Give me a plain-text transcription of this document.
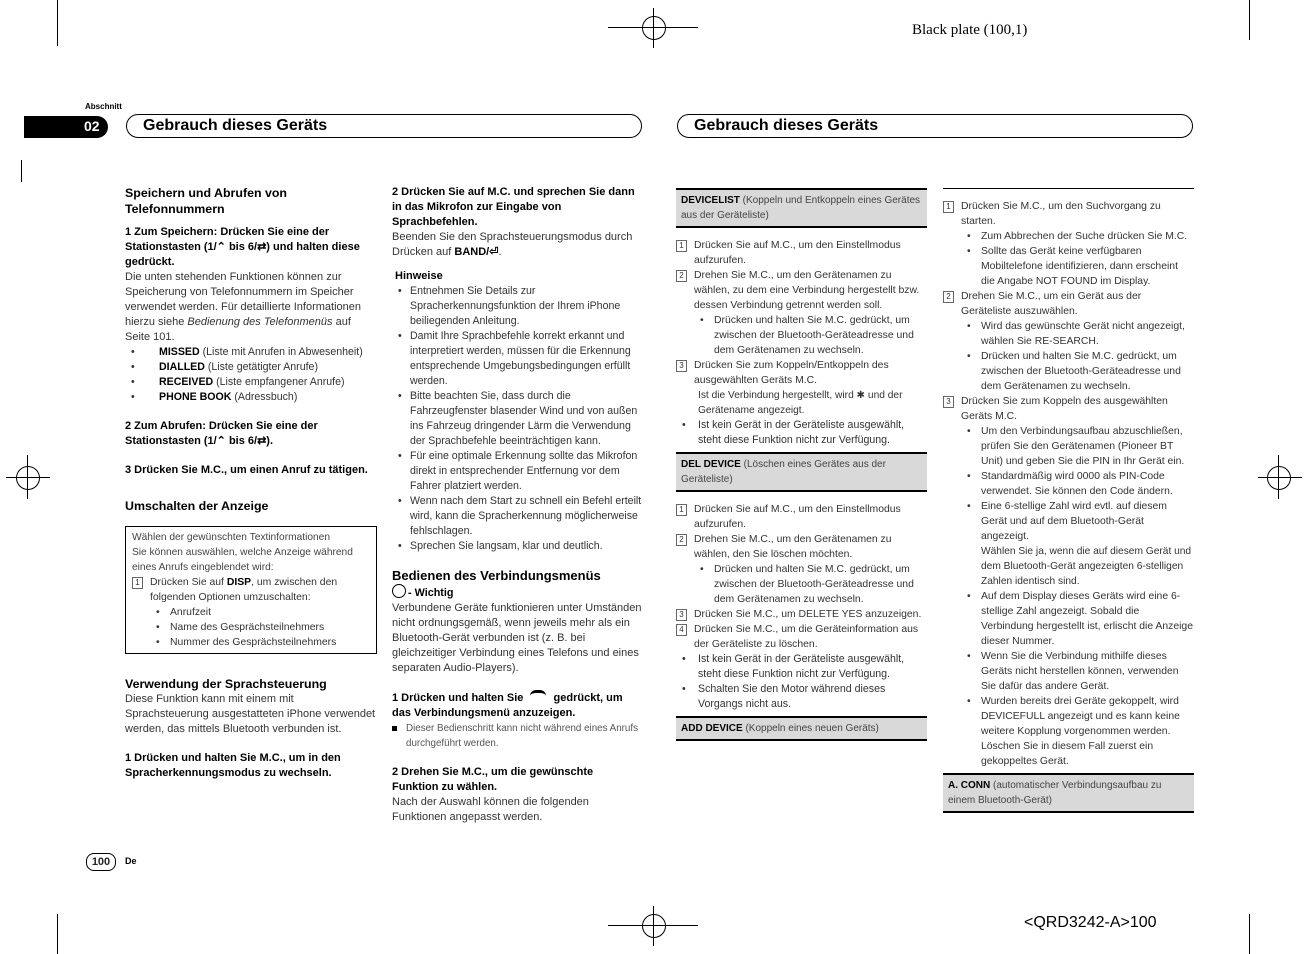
Black plate (100,1)
Abschnitt
02	Gebrauch dieses Geräts	Gebrauch dieses Geräts

Speichern und Abrufen von Telefonnummern

1 Zum Speichern: Drücken Sie eine der Stationstasten (1/⌃ bis 6/⇄) und halten diese gedrückt.

Die unten stehenden Funktionen können zur Speicherung von Telefonnummern im Speicher verwendet werden. Für detaillierte Informationen hierzu siehe Bedienung des Telefonmenüs auf Seite 101.

• MISSED (Liste mit Anrufen in Abwesenheit)

• DIALLED (Liste getätigter Anrufe)

• RECEIVED (Liste empfangener Anrufe)

• PHONE BOOK (Adressbuch)

2 Zum Abrufen: Drücken Sie eine der Stationstasten (1/⌃ bis 6/⇄).

3 Drücken Sie M.C., um einen Anruf zu tätigen.

Umschalten der Anzeige

Wählen der gewünschten Textinformationen

Sie können auswählen, welche Anzeige während eines Anrufs eingeblendet wird:

1 Drücken Sie auf DISP, um zwischen den folgenden Optionen umzuschalten:

• Anrufzeit

• Name des Gesprächsteilnehmers

• Nummer des Gesprächsteilnehmers

Verwendung der Sprachsteuerung

Diese Funktion kann mit einem mit Sprachsteuerung ausgestatteten iPhone verwendet werden, das mittels Bluetooth verbunden ist.

1 Drücken und halten Sie M.C., um in den Spracherkennungsmodus zu wechseln.

2 Drücken Sie auf M.C. und sprechen Sie dann in das Mikrofon zur Eingabe von Sprachbefehlen.

Beenden Sie den Sprachsteuerungsmodus durch Drücken auf BAND/⏎.

Hinweise

• Entnehmen Sie Details zur Spracherkennungsfunktion der Ihrem iPhone beiliegenden Anleitung.

• Damit Ihre Sprachbefehle korrekt erkannt und interpretiert werden, müssen für die Erkennung entsprechende Umgebungsbedingungen erfüllt werden.

• Bitte beachten Sie, dass durch die Fahrzeugfenster blasender Wind und von außen ins Fahrzeug dringender Lärm die Verwendung der Sprachbefehle beeinträchtigen kann.

• Für eine optimale Erkennung sollte das Mikrofon direkt in entsprechender Entfernung vor dem Fahrer platziert werden.

• Wenn nach dem Start zu schnell ein Befehl erteilt wird, kann die Spracherkennung möglicherweise fehlschlagen.

• Sprechen Sie langsam, klar und deutlich.

Bedienen des Verbindungsmenüs

- Wichtig

Verbundene Geräte funktionieren unter Umständen nicht ordnungsgemäß, wenn jeweils mehr als ein Bluetooth-Gerät verbunden ist (z. B. bei gleichzeitiger Verbindung eines Telefons und eines separaten Audio-Players).

1 Drücken und halten Sie  gedrückt, um das Verbindungsmenü anzuzeigen.

Dieser Bedienschritt kann nicht während eines Anrufs durchgeführt werden.

2 Drehen Sie M.C., um die gewünschte Funktion zu wählen.

Nach der Auswahl können die folgenden Funktionen angepasst werden.

DEVICELIST (Koppeln und Entkoppeln eines Gerätes aus der Geräteliste)

1 Drücken Sie auf M.C., um den Einstellmodus aufzurufen.

2 Drehen Sie M.C., um den Gerätenamen zu wählen, zu dem eine Verbindung hergestellt bzw. dessen Verbindung getrennt werden soll.

• Drücken und halten Sie M.C. gedrückt, um zwischen der Bluetooth-Geräteadresse und dem Gerätenamen zu wechseln.

3 Drücken Sie zum Koppeln/Entkoppeln des ausgewählten Geräts M.C.

Ist die Verbindung hergestellt, wird ✱ und der Gerätename angezeigt.

• Ist kein Gerät in der Geräteliste ausgewählt, steht diese Funktion nicht zur Verfügung.

DEL DEVICE (Löschen eines Gerätes aus der Geräteliste)

1 Drücken Sie auf M.C., um den Einstellmodus aufzurufen.

2 Drehen Sie M.C., um den Gerätenamen zu wählen, den Sie löschen möchten.

• Drücken und halten Sie M.C. gedrückt, um zwischen der Bluetooth-Geräteadresse und dem Gerätenamen zu wechseln.

3 Drücken Sie M.C., um DELETE YES anzuzeigen.

4 Drücken Sie M.C., um die Geräteinformation aus der Geräteliste zu löschen.

• Ist kein Gerät in der Geräteliste ausgewählt, steht diese Funktion nicht zur Verfügung.

• Schalten Sie den Motor während dieses Vorgangs nicht aus.

ADD DEVICE (Koppeln eines neuen Geräts)

1 Drücken Sie M.C., um den Suchvorgang zu starten.

• Zum Abbrechen der Suche drücken Sie M.C.

• Sollte das Gerät keine verfügbaren Mobiltelefone identifizieren, dann erscheint die Angabe NOT FOUND im Display.

2 Drehen Sie M.C., um ein Gerät aus der Geräteliste auszuwählen.

• Wird das gewünschte Gerät nicht angezeigt, wählen Sie RE-SEARCH.

• Drücken und halten Sie M.C. gedrückt, um zwischen der Bluetooth-Geräteadresse und dem Gerätenamen zu wechseln.

3 Drücken Sie zum Koppeln des ausgewählten Geräts M.C.

• Um den Verbindungsaufbau abzuschließen, prüfen Sie den Gerätenamen (Pioneer BT Unit) und geben Sie die PIN in Ihr Gerät ein.

• Standardmäßig wird 0000 als PIN-Code verwendet. Sie können den Code ändern.

• Eine 6-stellige Zahl wird evtl. auf diesem Gerät und auf dem Bluetooth-Gerät angezeigt.

Wählen Sie ja, wenn die auf diesem Gerät und dem Bluetooth-Gerät angezeigten 6-stelligen Zahlen identisch sind.

• Auf dem Display dieses Geräts wird eine 6-stellige Zahl angezeigt. Sobald die Verbindung hergestellt ist, erlischt die Anzeige dieser Nummer.

• Wenn Sie die Verbindung mithilfe dieses Geräts nicht herstellen können, verwenden Sie dafür das andere Gerät.

• Wurden bereits drei Geräte gekoppelt, wird DEVICEFULL angezeigt und es kann keine weitere Kopplung vorgenommen werden. Löschen Sie in diesem Fall zuerst ein gekoppeltes Gerät.

A. CONN (automatischer Verbindungsaufbau zu einem Bluetooth-Gerät)
100	De
<QRD3242-A>100
